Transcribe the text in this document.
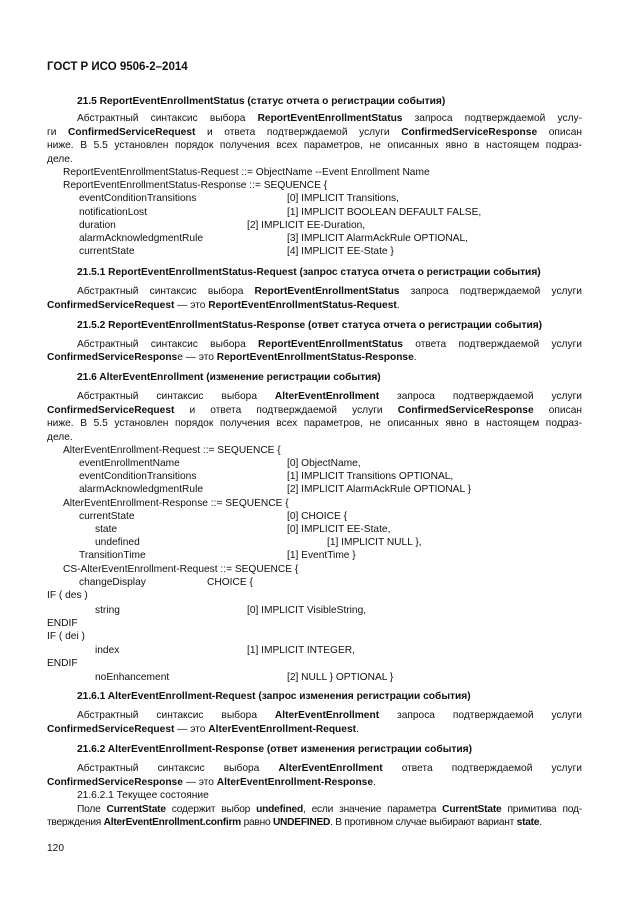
ГОСТ Р ИСО 9506-2–2014
21.5 ReportEventEnrollmentStatus (статус отчета о регистрации события)
Абстрактный синтаксис выбора ReportEventEnrollmentStatus запроса подтверждаемой услу-
ги ConfirmedServiceRequest и ответа подтверждаемой услуги ConfirmedServiceResponse описан
ниже. В 5.5 установлен порядок получения всех параметров, не описанных явно в настоящем подраз-
деле.
ReportEventEnrollmentStatus-Request ::= ObjectName --Event Enrollment Name
ReportEventEnrollmentStatus-Response ::= SEQUENCE {
eventConditionTransitions	[0] IMPLICIT Transitions,
notificationLost	[1] IMPLICIT BOOLEAN DEFAULT FALSE,
duration	[2] IMPLICIT EE-Duration,
alarmAcknowledgmentRule	[3] IMPLICIT AlarmAckRule OPTIONAL,
currentState	[4] IMPLICIT EE-State }
21.5.1 ReportEventEnrollmentStatus-Request (запрос статуса отчета о регистрации события)
Абстрактный синтаксис выбора ReportEventEnrollmentStatus запроса подтверждаемой услуги
ConfirmedServiceRequest — это ReportEventEnrollmentStatus-Request.
21.5.2 ReportEventEnrollmentStatus-Response (ответ статуса отчета о регистрации события)
Абстрактный синтаксис выбора ReportEventEnrollmentStatus ответа подтверждаемой услуги
ConfirmedServiceResponse — это ReportEventEnrollmentStatus-Response.
21.6 AlterEventEnrollment (изменение регистрации события)
Абстрактный синтаксис выбора AlterEventEnrollment запроса подтверждаемой услуги
ConfirmedServiceRequest и ответа подтверждаемой услуги ConfirmedServiceResponse описан
ниже. В 5.5 установлен порядок получения всех параметров, не описанных явно в настоящем подраз-
деле.
AlterEventEnrollment-Request ::= SEQUENCE {
eventEnrollmentName	[0] ObjectName,
eventConditionTransitions	[1] IMPLICIT Transitions OPTIONAL,
alarmAcknowledgmentRule	[2] IMPLICIT AlarmAckRule OPTIONAL }
AlterEventEnrollment-Response ::= SEQUENCE {
currentState	[0] CHOICE {
state	[0] IMPLICIT EE-State,
undefined	[1] IMPLICIT NULL },
TransitionTime	[1] EventTime }
CS-AlterEventEnrollment-Request ::= SEQUENCE {
changeDisplay	CHOICE {
IF ( des )
string	[0] IMPLICIT VisibleString,
ENDIF
IF ( dei )
index	[1] IMPLICIT INTEGER,
ENDIF
noEnhancement	[2] NULL } OPTIONAL }
21.6.1 AlterEventEnrollment-Request (запрос изменения регистрации события)
Абстрактный синтаксис выбора AlterEventEnrollment запроса подтверждаемой услуги
ConfirmedServiceRequest — это AlterEventEnrollment-Request.
21.6.2 AlterEventEnrollment-Response (ответ изменения регистрации события)
Абстрактный синтаксис выбора AlterEventEnrollment ответа подтверждаемой услуги
ConfirmedServiceResponse — это AlterEventEnrollment-Response.
21.6.2.1 Текущее состояние
Поле CurrentState содержит выбор undefined, если значение параметра CurrentState примитива под-
тверждения AlterEventEnrollment.confirm равно UNDEFINED. В противном случае выбирают вариант state.
120
